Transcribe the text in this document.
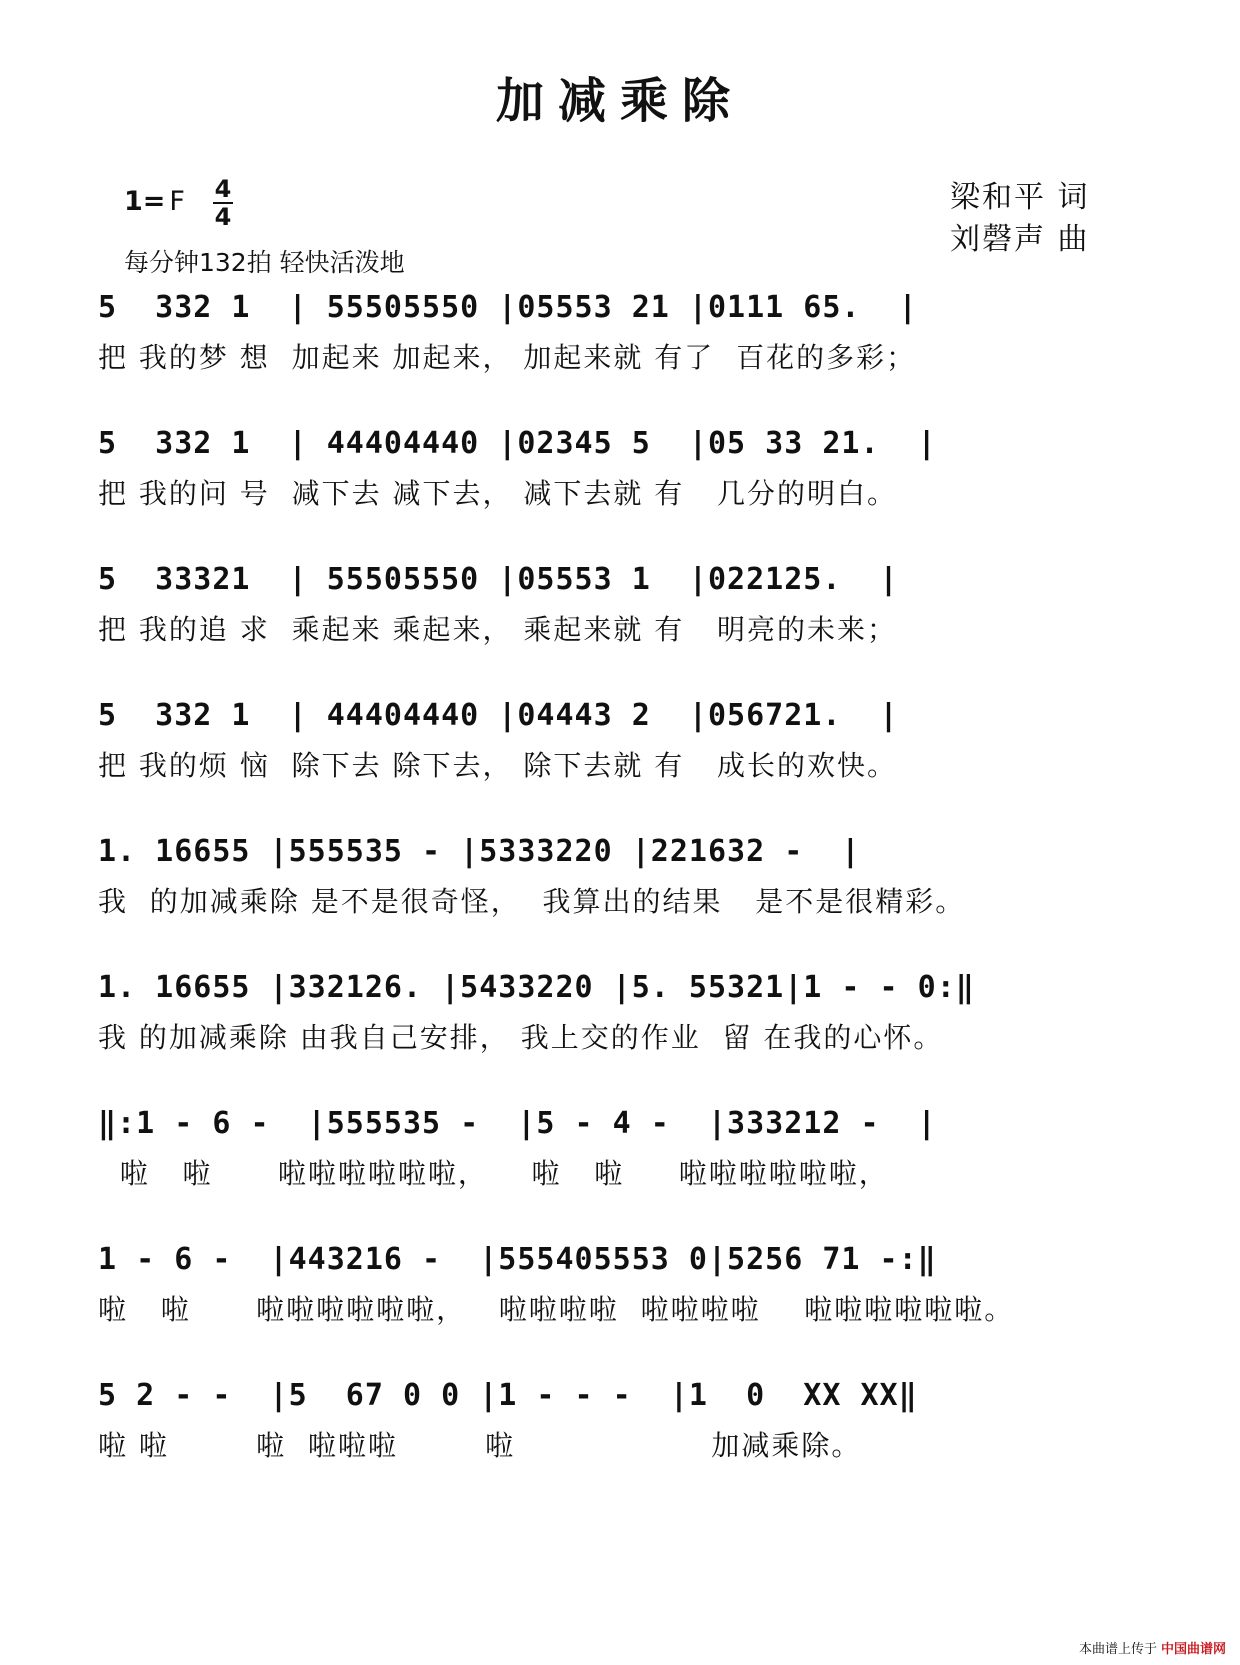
加减乘除
1= F 4
4
每分钟132拍 轻快活泼地
梁和平 词
刘磬声 曲
5  332 1  | 55505550 |05553 21 |0111 65.  |
把 我的梦 想  加起来 加起来， 加起来就 有了  百花的多彩；
5  332 1  | 44404440 |02345 5  |05 33 21.  |
把 我的问 号  减下去 减下去， 减下去就 有   几分的明白。
5  33321  | 55505550 |05553 1  |022125.  |
把 我的追 求  乘起来 乘起来， 乘起来就 有   明亮的未来；
5  332 1  | 44404440 |04443 2  |056721.  |
把 我的烦 恼  除下去 除下去， 除下去就 有   成长的欢快。
1. 16655 |555535 - |5333220 |221632 -  |
我  的加减乘除 是不是很奇怪，  我算出的结果   是不是很精彩。
1. 16655 |332126. |5433220 |5. 55321|1 - - 0:‖
我 的加减乘除 由我自己安排， 我上交的作业  留 在我的心怀。
‖:1 - 6 -  |555535 -  |5 - 4 -  |333212 -  |
啦   啦      啦啦啦啦啦啦，    啦   啦     啦啦啦啦啦啦，
1 - 6 -  |443216 -  |555405553 0|5256 71 -:‖
啦   啦      啦啦啦啦啦啦，   啦啦啦啦  啦啦啦啦    啦啦啦啦啦啦。
5 2 - -  |5  67 0 0 |1 - - -  |1  0  XX XX‖
啦 啦        啦  啦啦啦        啦                  加减乘除。
本曲谱上传于 中国曲谱网
